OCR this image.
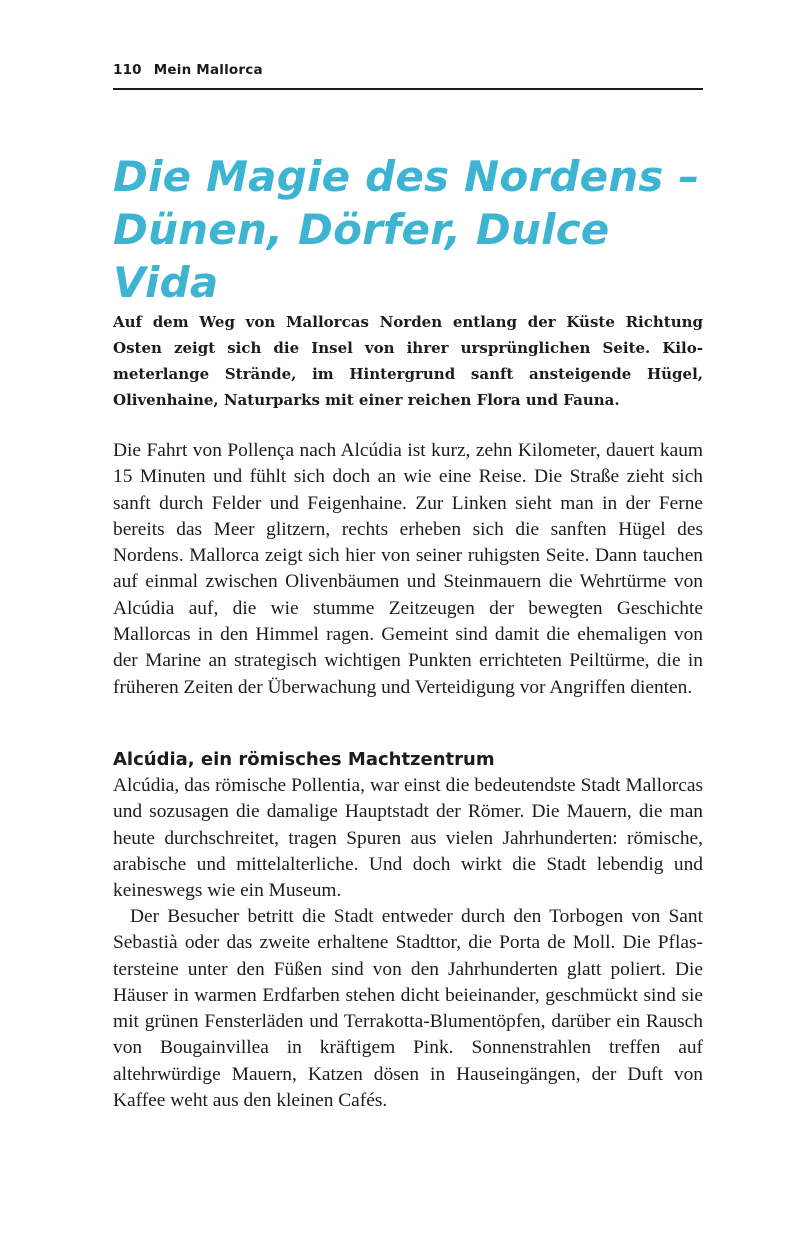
110 Mein Mallorca
Die Magie des Nordens – Dünen, Dörfer, Dulce Vida

Auf dem Weg von Mallorcas Norden entlang der Küste Richtung Osten zeigt sich die Insel von ihrer ursprünglichen Seite. Kilometerlange Strände, im Hintergrund sanft ansteigende Hügel, Olivenhaine, Naturparks mit einer reichen Flora und Fauna.

Die Fahrt von Pollença nach Alcúdia ist kurz, zehn Kilometer, dauert kaum 15 Minuten und fühlt sich doch an wie eine Reise. Die Straße zieht sich sanft durch Felder und Feigenhaine. Zur Linken sieht man in der Ferne bereits das Meer glitzern, rechts erheben sich die sanften Hügel des Nordens. Mallorca zeigt sich hier von seiner ruhigsten Seite. Dann tauchen auf einmal zwischen Olivenbäumen und Steinmauern die Wehrtürme von Alcúdia auf, die wie stumme Zeitzeugen der bewegten Geschichte Mallorcas in den Himmel ragen. Gemeint sind damit die ehemaligen von der Marine an strategisch wichtigen Punkten errichteten Peiltürme, die in früheren Zeiten der Überwachung und Verteidigung vor Angriffen dienten.

Alcúdia, ein römisches Machtzentrum

Alcúdia, das römische Pollentia, war einst die bedeutendste Stadt Mallorcas und sozusagen die damalige Hauptstadt der Römer. Die Mauern, die man heute durchschreitet, tragen Spuren aus vielen Jahrhunderten: römische, arabische und mittelalterliche. Und doch wirkt die Stadt lebendig und keineswegs wie ein Museum.

Der Besucher betritt die Stadt entweder durch den Torbogen von Sant Sebastià oder das zweite erhaltene Stadttor, die Porta de Moll. Die Pflastersteine unter den Füßen sind von den Jahrhunderten glatt poliert. Die Häuser in warmen Erdfarben stehen dicht beieinander, geschmückt sind sie mit grünen Fensterläden und Terrakotta-Blumentöpfen, darüber ein Rausch von Bougainvillea in kräftigem Pink. Sonnenstrahlen treffen auf altehrwürdige Mauern, Katzen dösen in Hauseingängen, der Duft von Kaffee weht aus den kleinen Cafés.
